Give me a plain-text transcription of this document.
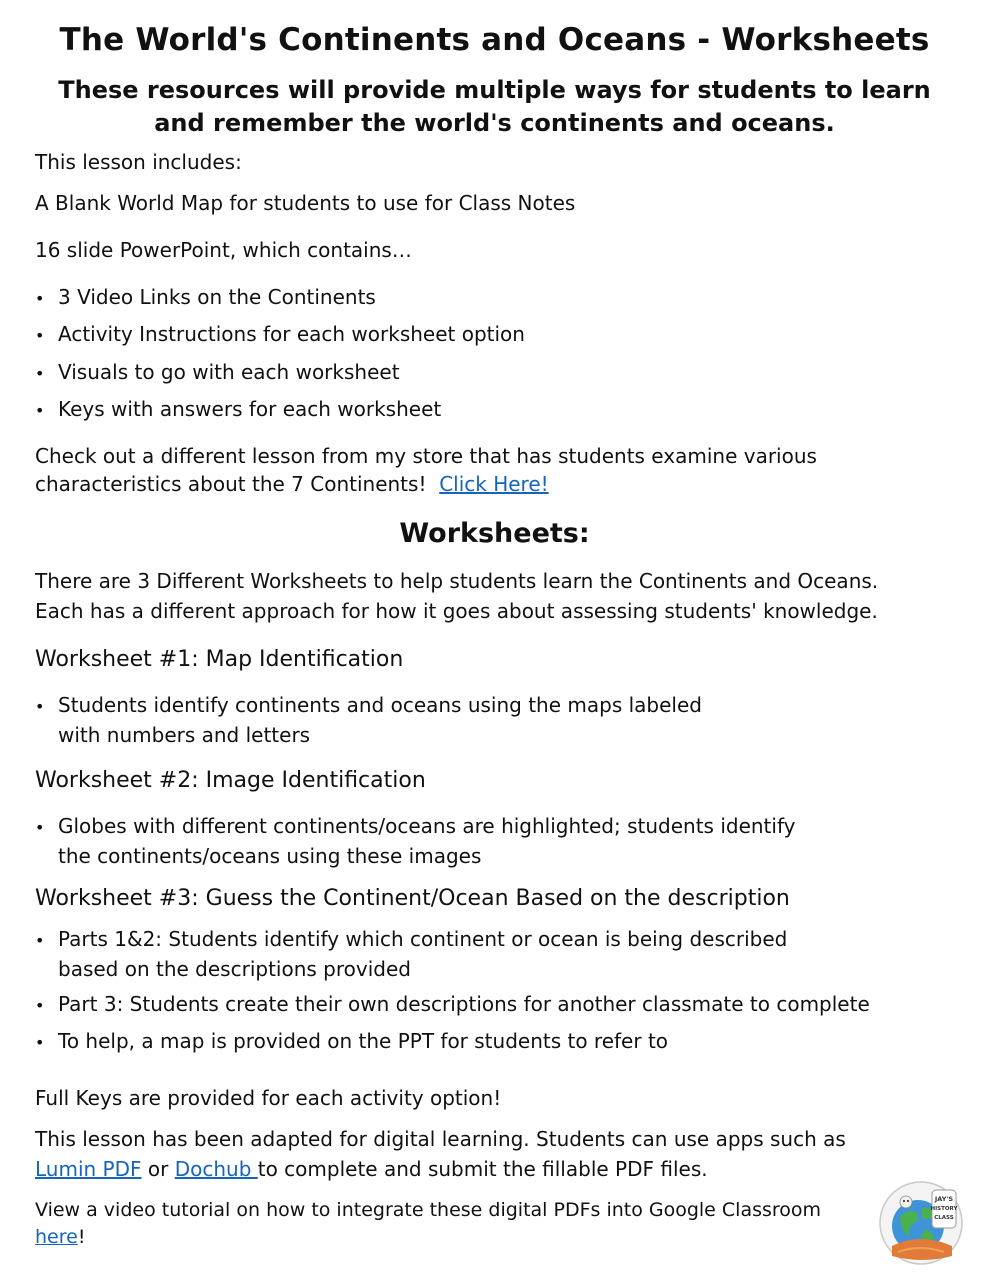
The World's Continents and Oceans - Worksheets
These resources will provide multiple ways for students to learn and remember the world's continents and oceans.
This lesson includes:
A Blank World Map for students to use for Class Notes
16 slide PowerPoint, which contains…
• 3 Video Links on the Continents
• Activity Instructions for each worksheet option
• Visuals to go with each worksheet
• Keys with answers for each worksheet
Check out a different lesson from my store that has students examine various
characteristics about the 7 Continents! Click Here!
Worksheets:
There are 3 Different Worksheets to help students learn the Continents and Oceans.
Each has a different approach for how it goes about assessing students' knowledge.
Worksheet #1: Map Identification
• Students identify continents and oceans using the maps labeled
with numbers and letters
Worksheet #2: Image Identification
• Globes with different continents/oceans are highlighted; students identify
the continents/oceans using these images
Worksheet #3: Guess the Continent/Ocean Based on the description
• Parts 1&2: Students identify which continent or ocean is being described
based on the descriptions provided
• Part 3: Students create their own descriptions for another classmate to complete
• To help, a map is provided on the PPT for students to refer to
Full Keys are provided for each activity option!
This lesson has been adapted for digital learning. Students can use apps such as
Lumin PDF or Dochub to complete and submit the fillable PDF files.
View a video tutorial on how to integrate these digital PDFs into Google Classroom
here!
JAY'S
HISTORY
CLASS
